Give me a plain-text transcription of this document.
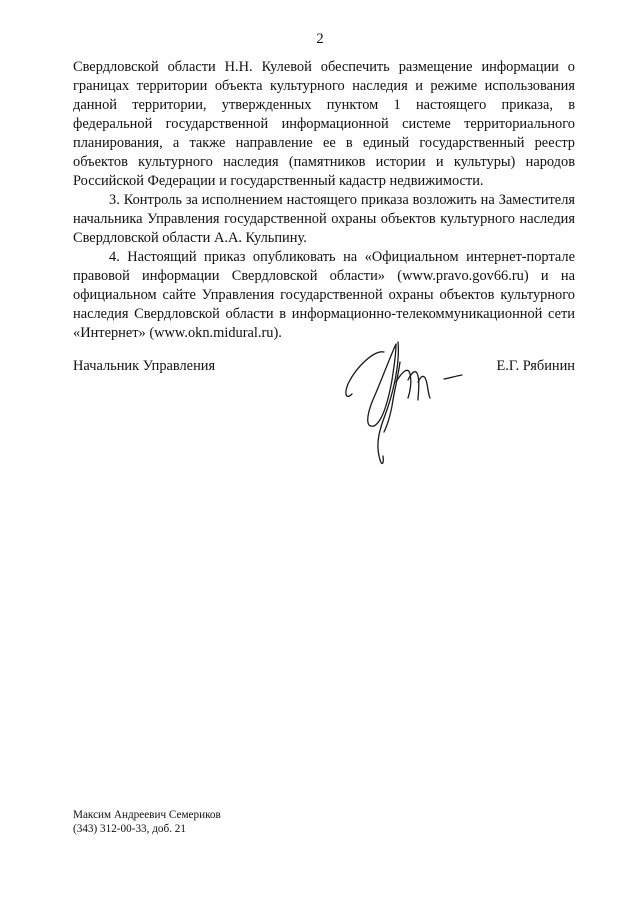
2

Свердловской области Н.Н. Кулевой обеспечить размещение информации о границах территории объекта культурного наследия и режиме использования данной территории, утвержденных пунктом 1 настоящего приказа, в федеральной государственной информационной системе территориального планирования, а также направление ее в единый государственный реестр объектов культурного наследия (памятников истории и культуры) народов Российской Федерации и государственный кадастр недвижимости.

3. Контроль за исполнением настоящего приказа возложить на Заместителя начальника Управления государственной охраны объектов культурного наследия Свердловской области А.А. Кульпину.

4. Настоящий приказ опубликовать на «Официальном интернет-портале правовой информации Свердловской области» (www.pravo.gov66.ru) и на официальном сайте Управления государственной охраны объектов культурного наследия Свердловской области в информационно-телекоммуникационной сети «Интернет» (www.okn.midural.ru).

Начальник Управления	Е.Г. Рябинин
Максим Андреевич Семериков
(343) 312-00-33, доб. 21
